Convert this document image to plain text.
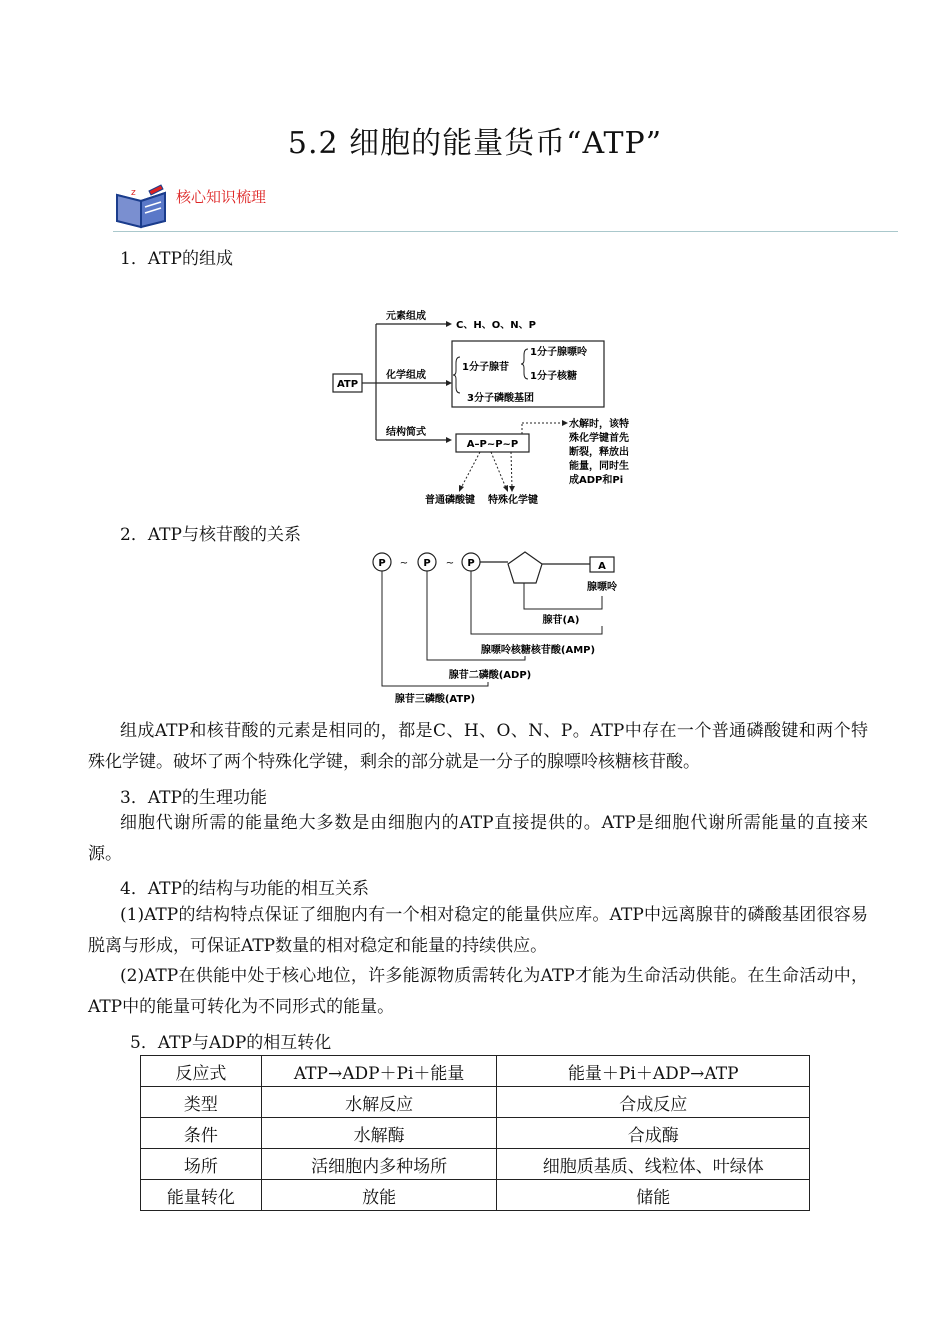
5.2 细胞的能量货币“ATP”
z	核心知识梳理
1．ATP的组成
ATP
元素组成
C、H、O、N、P
化学组成
1分子腺苷
1分子腺嘌呤
1分子核糖
3分子磷酸基团
结构简式
A–P~P~P
水解时，该特
殊化学键首先
断裂，释放出
能量，同时生
成ADP和Pi
普通磷酸键 特殊化学键
2．ATP与核苷酸的关系
P ~ P ~ P	A
腺嘌呤
腺苷(A)
腺嘌呤核糖核苷酸(AMP)
腺苷二磷酸(ADP)
腺苷三磷酸(ATP)
组成ATP和核苷酸的元素是相同的，都是C、H、O、N、P。ATP中存在一个普通磷酸键和两个特殊化学键。破坏了两个特殊化学键，剩余的部分就是一分子的腺嘌呤核糖核苷酸。
3．ATP的生理功能
细胞代谢所需的能量绝大多数是由细胞内的ATP直接提供的。ATP是细胞代谢所需能量的直接来源。
4．ATP的结构与功能的相互关系
(1)ATP的结构特点保证了细胞内有一个相对稳定的能量供应库。ATP中远离腺苷的磷酸基团很容易脱离与形成，可保证ATP数量的相对稳定和能量的持续供应。
(2)ATP在供能中处于核心地位，许多能源物质需转化为ATP才能为生命活动供能。在生命活动中，ATP中的能量可转化为不同形式的能量。
5．ATP与ADP的相互转化
反应式	ATP→ADP＋Pi＋能量	能量＋Pi＋ADP→ATP
类型	水解反应	合成反应
条件	水解酶	合成酶
场所	活细胞内多种场所	细胞质基质、线粒体、叶绿体
能量转化	放能	储能
